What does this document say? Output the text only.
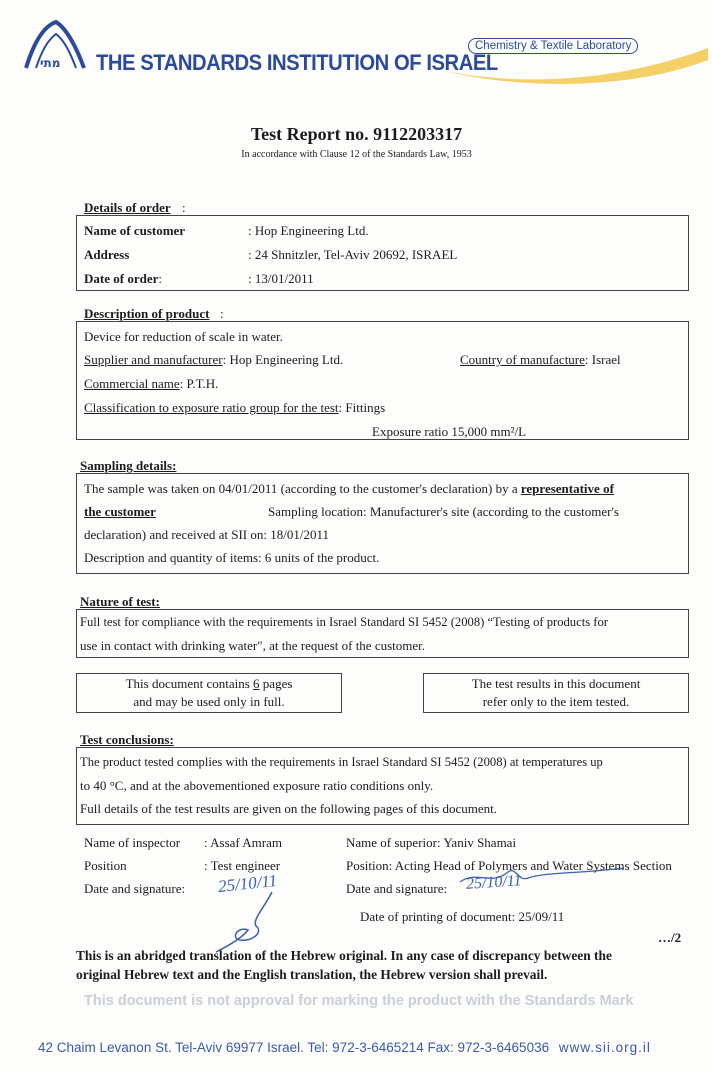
מתי THE STANDARDS INSTITUTION OF ISRAEL
Chemistry & Textile Laboratory
Test Report no. 9112203317
In accordance with Clause 12 of the Standards Law, 1953
Details of order :
Name of customer	: Hop Engineering Ltd.
Address	: 24 Shnitzler, Tel-Aviv 20692, ISRAEL
Date of order:	: 13/01/2011
Description of product :
Device for reduction of scale in water.
Supplier and manufacturer: Hop Engineering Ltd.	Country of manufacture: Israel
Commercial name: P.T.H.
Classification to exposure ratio group for the test: Fittings
Exposure ratio 15,000 mm²/L
Sampling details:
The sample was taken on 04/01/2011 (according to the customer's declaration) by a representative of
the customer	Sampling location: Manufacturer's site (according to the customer's
declaration) and received at SII on: 18/01/2011
Description and quantity of items: 6 units of the product.
Nature of test:
Full test for compliance with the requirements in Israel Standard SI 5452 (2008) “Testing of products for
use in contact with drinking water", at the request of the customer.
This document contains 6 pages
and may be used only in full.
The test results in this document
refer only to the item tested.
Test conclusions:
The product tested complies with the requirements in Israel Standard SI 5452 (2008) at temperatures up
to 40 °C, and at the abovementioned exposure ratio conditions only.
Full details of the test results are given on the following pages of this document.
Name of inspector : Assaf Amram
Position	: Test engineer
Date and signature: 25/10/11
Name of superior: Yaniv Shamai
Position: Acting Head of Polymers and Water Systems Section
Date and signature: 25/10/11
Date of printing of document: 25/09/11
…/2
This is an abridged translation of the Hebrew original. In any case of discrepancy between the
original Hebrew text and the English translation, the Hebrew version shall prevail.
This document is not approval for marking the product with the Standards Mark
42 Chaim Levanon St. Tel-Aviv 69977 Israel. Tel: 972-3-6465214 Fax: 972-3-6465036 www.sii.org.il
